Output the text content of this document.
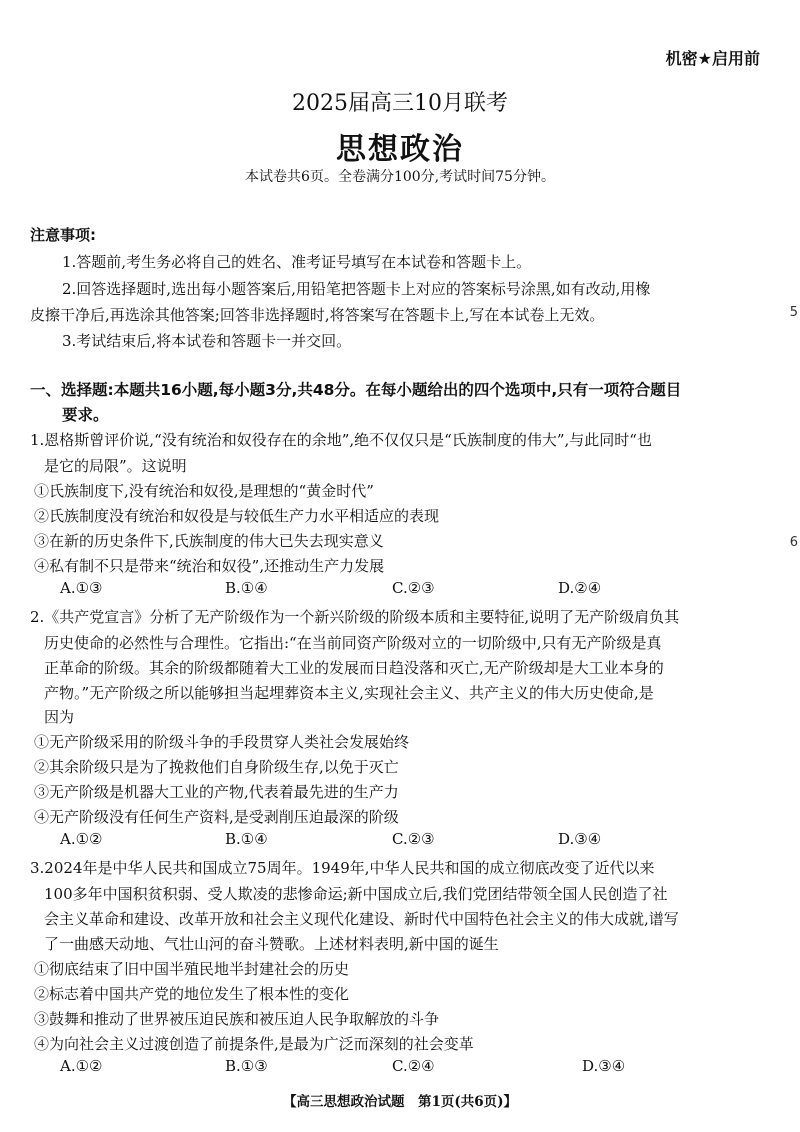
机密★启用前
2025届高三10月联考
思想政治
本试卷共6页。全卷满分100分,考试时间75分钟。
注意事项:
1.答题前,考生务必将自己的姓名、准考证号填写在本试卷和答题卡上。
2.回答选择题时,选出每小题答案后,用铅笔把答题卡上对应的答案标号涂黑,如有改动,用橡
皮擦干净后,再选涂其他答案;回答非选择题时,将答案写在答题卡上,写在本试卷上无效。
3.考试结束后,将本试卷和答题卡一并交回。
5
6
一、选择题:本题共16小题,每小题3分,共48分。在每小题给出的四个选项中,只有一项符合题目
要求。
1.恩格斯曾评价说,“没有统治和奴役存在的余地”,绝不仅仅只是“氏族制度的伟大”,与此同时“也
是它的局限”。这说明
①氏族制度下,没有统治和奴役,是理想的“黄金时代”
②氏族制度没有统治和奴役是与较低生产力水平相适应的表现
③在新的历史条件下,氏族制度的伟大已失去现实意义
④私有制不只是带来“统治和奴役”,还推动生产力发展
A.①③	B.①④	C.②③	D.②④
2.《共产党宣言》分析了无产阶级作为一个新兴阶级的阶级本质和主要特征,说明了无产阶级肩负其
历史使命的必然性与合理性。它指出:“在当前同资产阶级对立的一切阶级中,只有无产阶级是真
正革命的阶级。其余的阶级都随着大工业的发展而日趋没落和灭亡,无产阶级却是大工业本身的
产物。”无产阶级之所以能够担当起埋葬资本主义,实现社会主义、共产主义的伟大历史使命,是
因为
①无产阶级采用的阶级斗争的手段贯穿人类社会发展始终
②其余阶级只是为了挽救他们自身阶级生存,以免于灭亡
③无产阶级是机器大工业的产物,代表着最先进的生产力
④无产阶级没有任何生产资料,是受剥削压迫最深的阶级
A.①②	B.①④	C.②③	D.③④
3.2024年是中华人民共和国成立75周年。1949年,中华人民共和国的成立彻底改变了近代以来
100多年中国积贫积弱、受人欺凌的悲惨命运;新中国成立后,我们党团结带领全国人民创造了社
会主义革命和建设、改革开放和社会主义现代化建设、新时代中国特色社会主义的伟大成就,谱写
了一曲感天动地、气壮山河的奋斗赞歌。上述材料表明,新中国的诞生
①彻底结束了旧中国半殖民地半封建社会的历史
②标志着中国共产党的地位发生了根本性的变化
③鼓舞和推动了世界被压迫民族和被压迫人民争取解放的斗争
④为向社会主义过渡创造了前提条件,是最为广泛而深刻的社会变革
A.①②	B.①③	C.②④	D.③④
【高三思想政治试题　第1页(共6页)】
